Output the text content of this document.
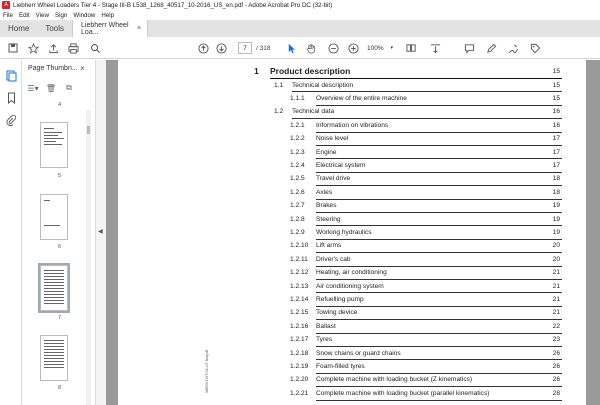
A Liebherr Wheel Loaders Tier 4 - Stage III-B L538_1268_40517_10-2016_US_en.pdf - Adobe Acrobat Pro DC (32-bit)
File Edit View Sign Window Help
Home	Tools	Liebherr Wheel Loa...	×
7	/ 318	100% ▾
Page Thumbn... ×
☰▾ 🗑	⧉
4
5
6
7
8
◀
MBSV15/T-01-07.fm/pdf
1 Product description	15
1.1 Technical description	15
1.1.1 Overview of the entire machine	15
1.2 Technical data	16
1.2.1 Information on vibrations	16
1.2.2 Noise level	17
1.2.3 Engine	17
1.2.4 Electrical system	17
1.2.5 Travel drive	18
1.2.6 Axles	18
1.2.7 Brakes	19
1.2.8 Steering	19
1.2.9 Working hydraulics	19
1.2.10 Lift arms	20
1.2.11 Driver's cab	20
1.2.12 Heating, air conditioning	21
1.2.13 Air conditioning system	21
1.2.14 Refuelling pump	21
1.2.15 Towing device	21
1.2.16 Ballast	22
1.2.17 Tyres	23
1.2.18 Snow chains or guard chains	26
1.2.19 Foam-filled tyres	26
1.2.20 Complete machine with loading bucket (Z kinematics)	26
1.2.21 Complete machine with loading bucket (parallel kinematics)	28
